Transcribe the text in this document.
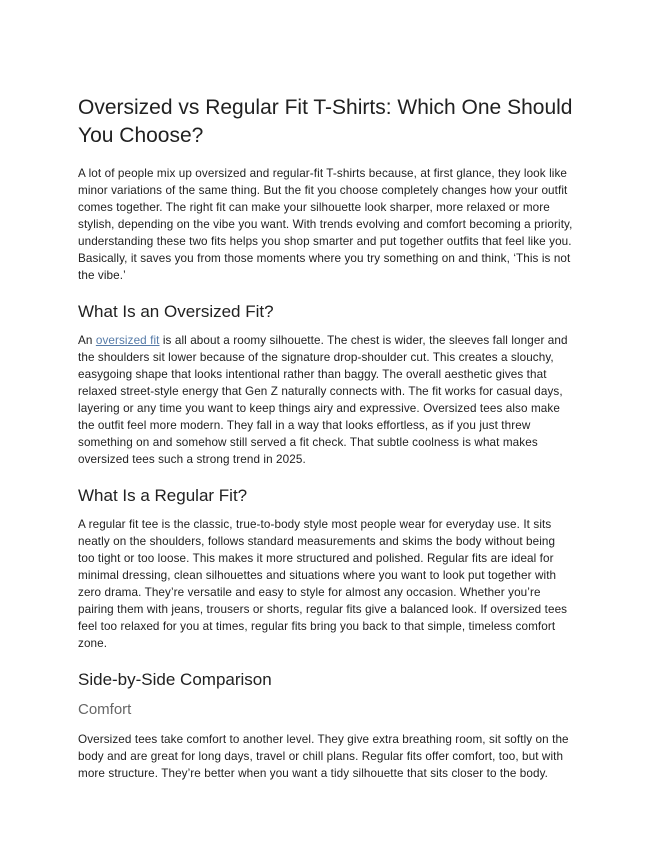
Oversized vs Regular Fit T-Shirts: Which One Should You Choose?

A lot of people mix up oversized and regular-fit T-shirts because, at first glance, they look like minor variations of the same thing. But the fit you choose completely changes how your outfit comes together. The right fit can make your silhouette look sharper, more relaxed or more stylish, depending on the vibe you want. With trends evolving and comfort becoming a priority, understanding these two fits helps you shop smarter and put together outfits that feel like you. Basically, it saves you from those moments where you try something on and think, ‘This is not the vibe.’

What Is an Oversized Fit?

An oversized fit is all about a roomy silhouette. The chest is wider, the sleeves fall longer and the shoulders sit lower because of the signature drop-shoulder cut. This creates a slouchy, easygoing shape that looks intentional rather than baggy. The overall aesthetic gives that relaxed street-style energy that Gen Z naturally connects with. The fit works for casual days, layering or any time you want to keep things airy and expressive. Oversized tees also make the outfit feel more modern. They fall in a way that looks effortless, as if you just threw something on and somehow still served a fit check. That subtle coolness is what makes oversized tees such a strong trend in 2025.

What Is a Regular Fit?

A regular fit tee is the classic, true-to-body style most people wear for everyday use. It sits neatly on the shoulders, follows standard measurements and skims the body without being too tight or too loose. This makes it more structured and polished. Regular fits are ideal for minimal dressing, clean silhouettes and situations where you want to look put together with zero drama. They’re versatile and easy to style for almost any occasion. Whether you’re pairing them with jeans, trousers or shorts, regular fits give a balanced look. If oversized tees feel too relaxed for you at times, regular fits bring you back to that simple, timeless comfort zone.

Side-by-Side Comparison
Comfort

Oversized tees take comfort to another level. They give extra breathing room, sit softly on the body and are great for long days, travel or chill plans. Regular fits offer comfort, too, but with more structure. They’re better when you want a tidy silhouette that sits closer to the body.
